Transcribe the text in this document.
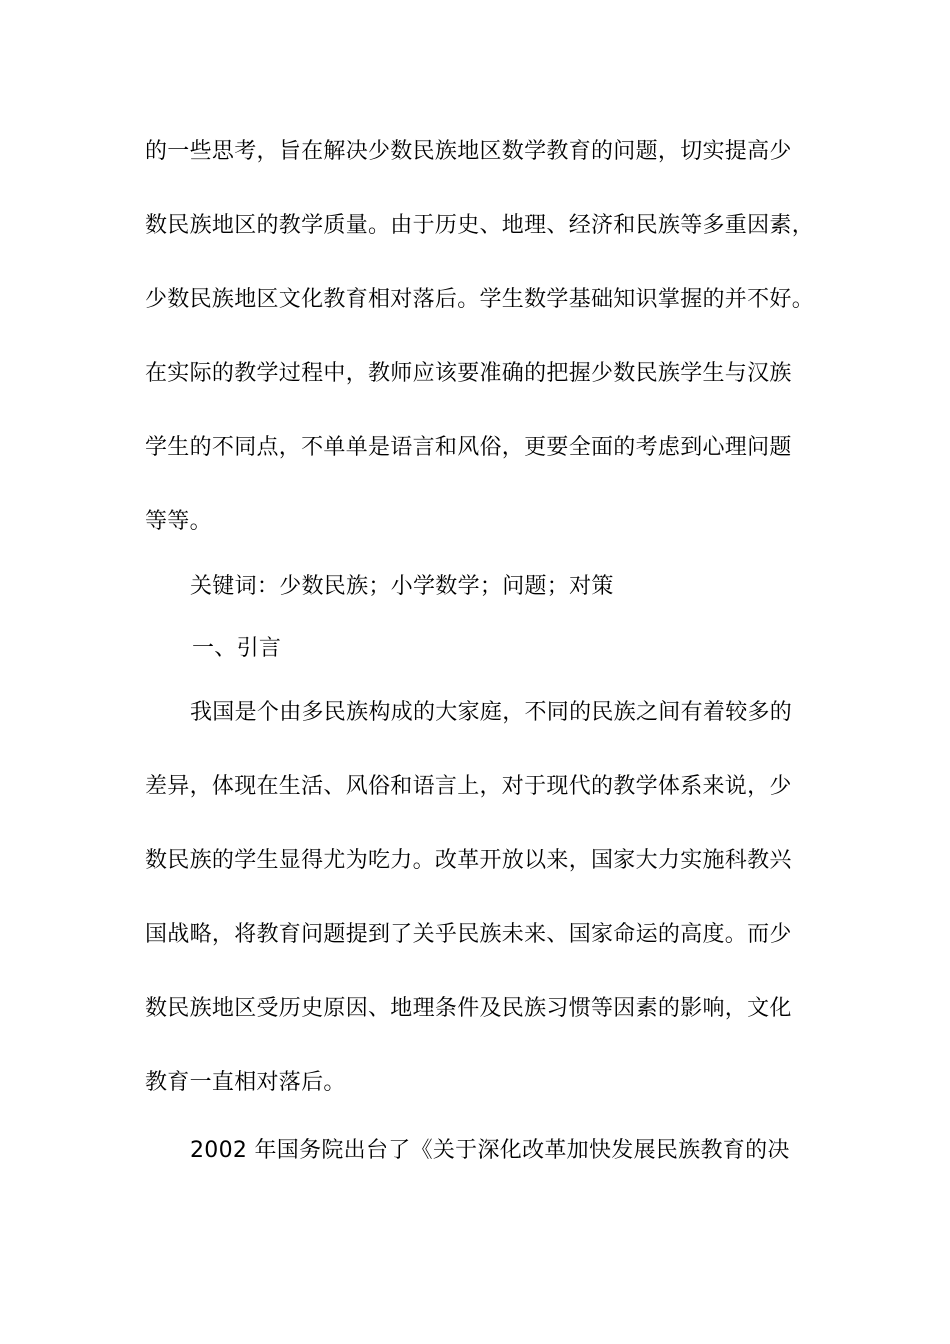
的一些思考，旨在解决少数民族地区数学教育的问题，切实提高少
数民族地区的教学质量。由于历史、地理、经济和民族等多重因素，
少数民族地区文化教育相对落后。学生数学基础知识掌握的并不好。
在实际的教学过程中，教师应该要准确的把握少数民族学生与汉族
学生的不同点，不单单是语言和风俗，更要全面的考虑到心理问题
等等。
关键词：少数民族；小学数学；问题；对策
一、引言
我国是个由多民族构成的大家庭，不同的民族之间有着较多的
差异，体现在生活、风俗和语言上，对于现代的教学体系来说，少
数民族的学生显得尤为吃力。改革开放以来，国家大力实施科教兴
国战略，将教育问题提到了关乎民族未来、国家命运的高度。而少
数民族地区受历史原因、地理条件及民族习惯等因素的影响，文化
教育一直相对落后。
2002 年国务院出台了《关于深化改革加快发展民族教育的决
